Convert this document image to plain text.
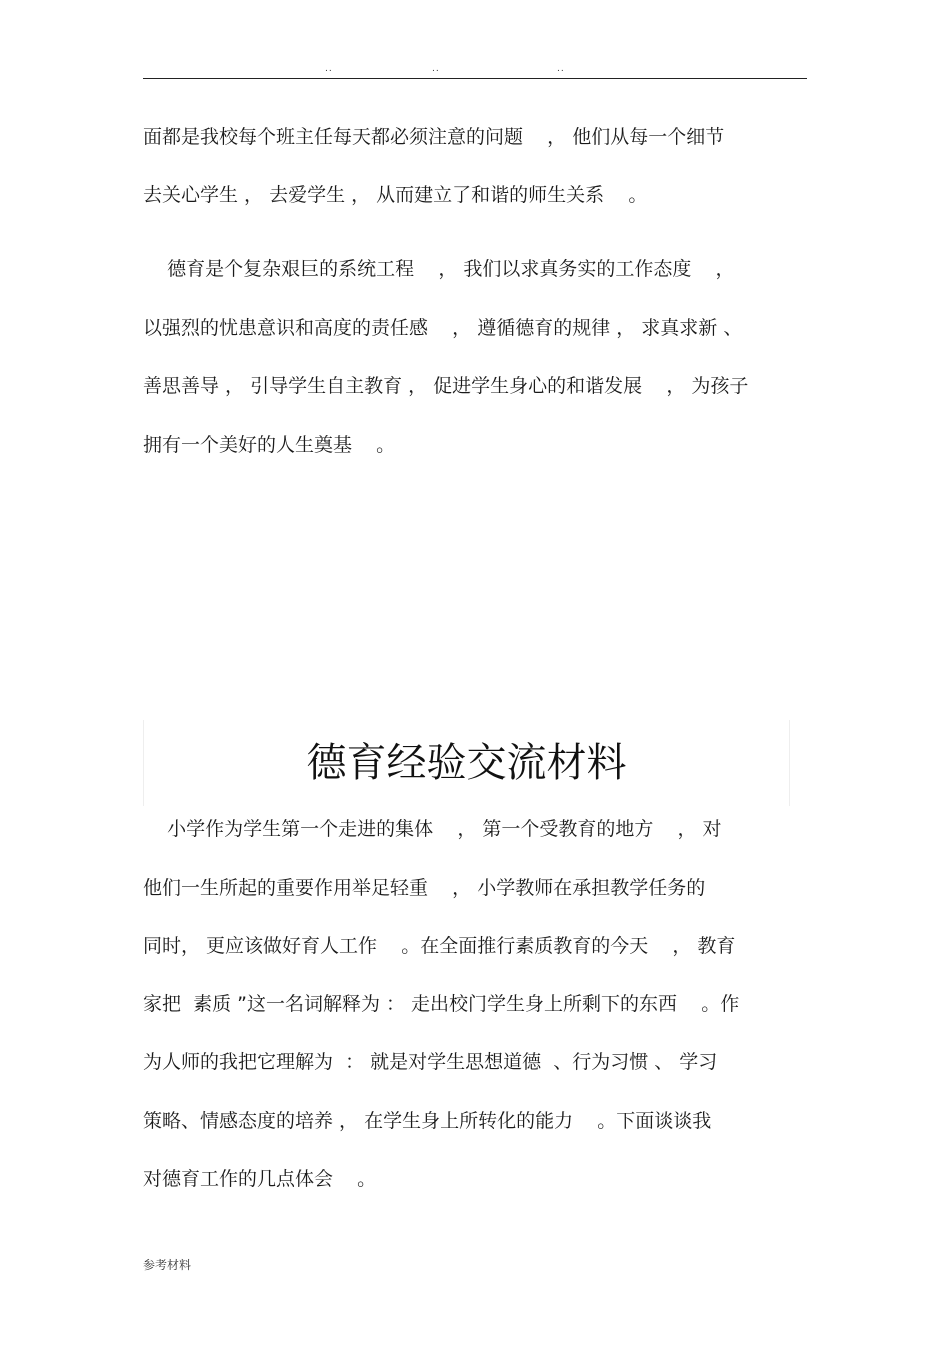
..	..	..
面都是我校每个班主任每天都必须注意的问题    ， 他们从每一个细节
去关心学生 ， 去爱学生 ， 从而建立了和谐的师生关系    。
德育是个复杂艰巨的系统工程    ， 我们以求真务实的工作态度    ，
以强烈的忧患意识和高度的责任感    ， 遵循德育的规律 ， 求真求新 、
善思善导 ， 引导学生自主教育 ， 促进学生身心的和谐发展    ， 为孩子
拥有一个美好的人生奠基    。
德育经验交流材料
小学作为学生第一个走进的集体    ， 第一个受教育的地方    ， 对
他们一生所起的重要作用举足轻重    ， 小学教师在承担教学任务的
同时， 更应该做好育人工作    。在全面推行素质教育的今天    ， 教育
家把  素质 ”这一名词解释为 ： 走出校门学生身上所剩下的东西    。作
为人师的我把它理解为  ： 就是对学生思想道德  、行为习惯 、 学习
策略、情感态度的培养 ， 在学生身上所转化的能力    。下面谈谈我
对德育工作的几点体会    。
参考材料
